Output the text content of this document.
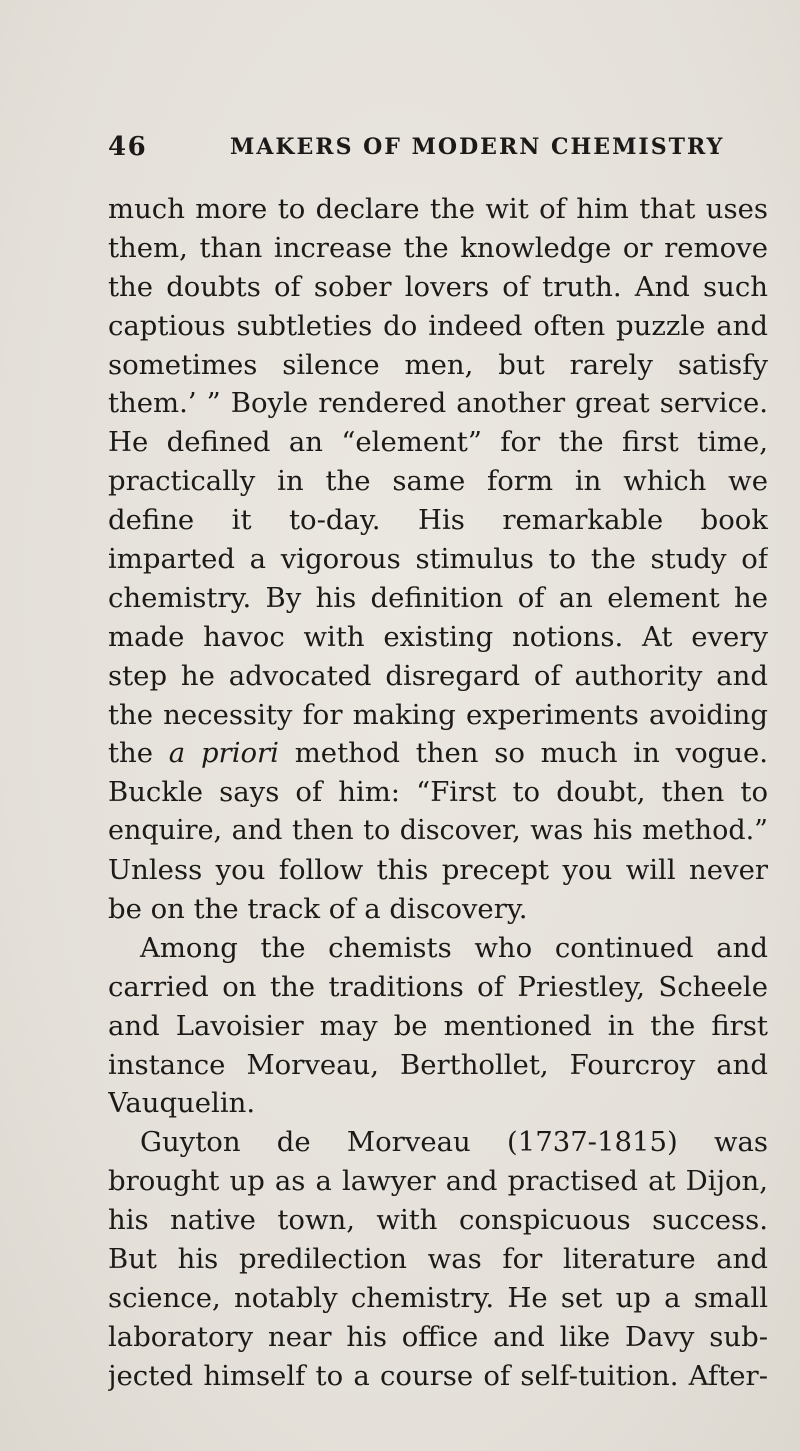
46	MAKERS OF MODERN CHEMISTRY
much more to declare the wit of him that uses
them, than increase the knowledge or remove
the doubts of sober lovers of truth. And such
captious subtleties do indeed often puzzle and
sometimes silence men, but rarely satisfy
them.’ ” Boyle rendered another great service.
He defined an “element” for the first time,
practically in the same form in which we
define it to-day. His remarkable book
imparted a vigorous stimulus to the study of
chemistry. By his definition of an element he
made havoc with existing notions. At every
step he advocated disregard of authority and
the necessity for making experiments avoiding
the a priori method then so much in vogue.
Buckle says of him: “First to doubt, then to
enquire, and then to discover, was his method.”
Unless you follow this precept you will never
be on the track of a discovery.
Among the chemists who continued and
carried on the traditions of Priestley, Scheele
and Lavoisier may be mentioned in the first
instance Morveau, Berthollet, Fourcroy and
Vauquelin.
Guyton de Morveau (1737-1815) was
brought up as a lawyer and practised at Dijon,
his native town, with conspicuous success.
But his predilection was for literature and
science, notably chemistry. He set up a small
laboratory near his office and like Davy sub-
jected himself to a course of self-tuition. After-
